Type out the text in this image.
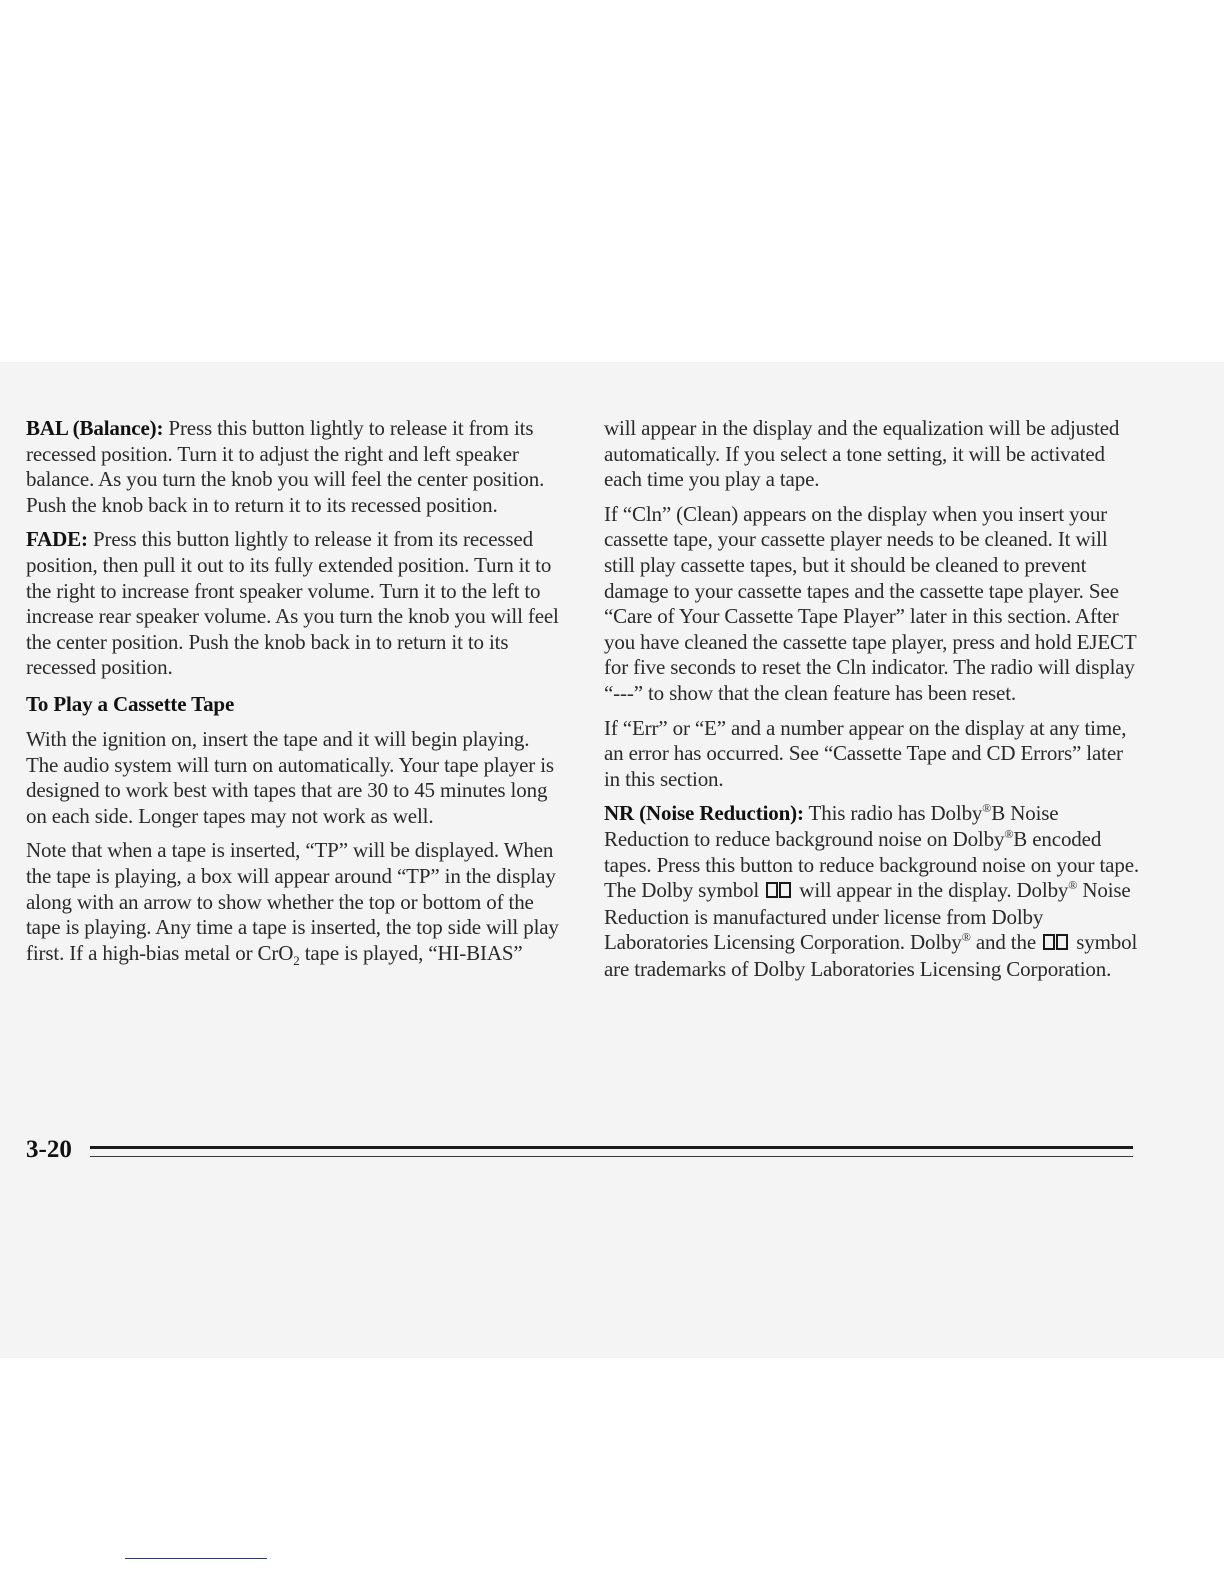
BAL (Balance): Press this button lightly to release it from its recessed position. Turn it to adjust the right and left speaker balance. As you turn the knob you will feel the center position. Push the knob back in to return it to its recessed position.

FADE: Press this button lightly to release it from its recessed position, then pull it out to its fully extended position. Turn it to the right to increase front speaker volume. Turn it to the left to increase rear speaker volume. As you turn the knob you will feel the center position. Push the knob back in to return it to its recessed position.

To Play a Cassette Tape

With the ignition on, insert the tape and it will begin playing. The audio system will turn on automatically. Your tape player is designed to work best with tapes that are 30 to 45 minutes long on each side. Longer tapes may not work as well.

Note that when a tape is inserted, “TP” will be displayed. When the tape is playing, a box will appear around “TP” in the display along with an arrow to show whether the top or bottom of the tape is playing. Any time a tape is inserted, the top side will play first. If a high-bias metal or CrO$_2$ tape is played, “HI-BIAS”

will appear in the display and the equalization will be adjusted automatically. If you select a tone setting, it will be activated each time you play a tape.

If “Cln” (Clean) appears on the display when you insert your cassette tape, your cassette player needs to be cleaned. It will still play cassette tapes, but it should be cleaned to prevent damage to your cassette tapes and the cassette tape player. See “Care of Your Cassette Tape Player” later in this section. After you have cleaned the cassette tape player, press and hold EJECT for five seconds to reset the Cln indicator. The radio will display “---” to show that the clean feature has been reset.

If “Err” or “E” and a number appear on the display at any time, an error has occurred. See “Cassette Tape and CD Errors” later in this section.

NR (Noise Reduction): This radio has Dolby®B Noise Reduction to reduce background noise on Dolby®B encoded tapes. Press this button to reduce background noise on your tape. The Dolby symbol  will appear in the display. Dolby® Noise Reduction is manufactured under license from Dolby Laboratories Licensing Corporation. Dolby® and the  symbol are trademarks of Dolby Laboratories Licensing Corporation.

3-20
